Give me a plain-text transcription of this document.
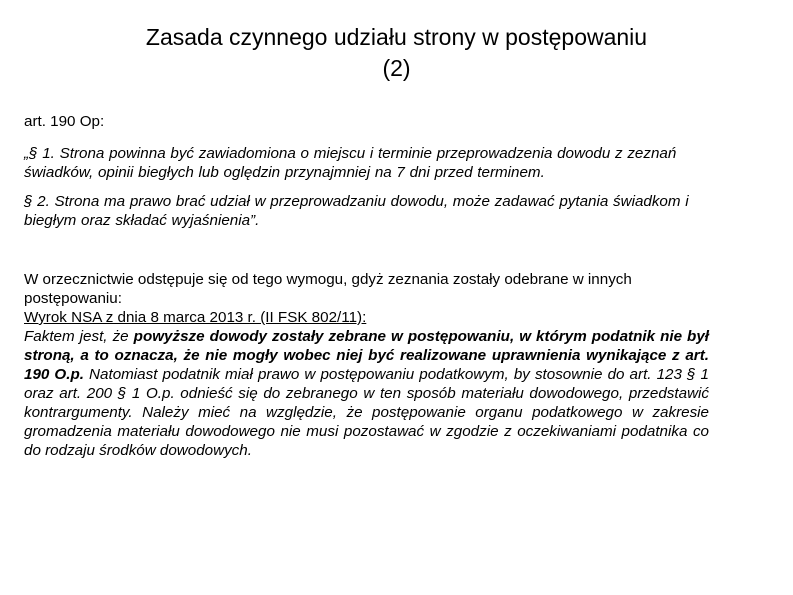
Zasada czynnego udziału strony w postępowaniu
(2)

art. 190 Op:

„§ 1. Strona powinna być zawiadomiona o miejscu i terminie przeprowadzenia dowodu z zeznań świadków, opinii biegłych lub oględzin przynajmniej na 7 dni przed terminem.

§ 2. Strona ma prawo brać udział w przeprowadzaniu dowodu, może zadawać pytania świadkom i biegłym oraz składać wyjaśnienia”.

W orzecznictwie odstępuje się od tego wymogu, gdyż zeznania zostały odebrane w innych postępowaniu:

Wyrok NSA z dnia 8 marca 2013 r. (II FSK 802/11):

Faktem jest, że powyższe dowody zostały zebrane w postępowaniu, w którym podatnik nie był stroną, a to oznacza, że nie mogły wobec niej być realizowane uprawnienia wynikające z art. 190 O.p. Natomiast podatnik miał prawo w postępowaniu podatkowym, by stosownie do art. 123 § 1 oraz art. 200 § 1 O.p. odnieść się do zebranego w ten sposób materiału dowodowego, przedstawić kontrargumenty. Należy mieć na względzie, że postępowanie organu podatkowego w zakresie gromadzenia materiału dowodowego nie musi pozostawać w zgodzie z oczekiwaniami podatnika co do rodzaju środków dowodowych.
